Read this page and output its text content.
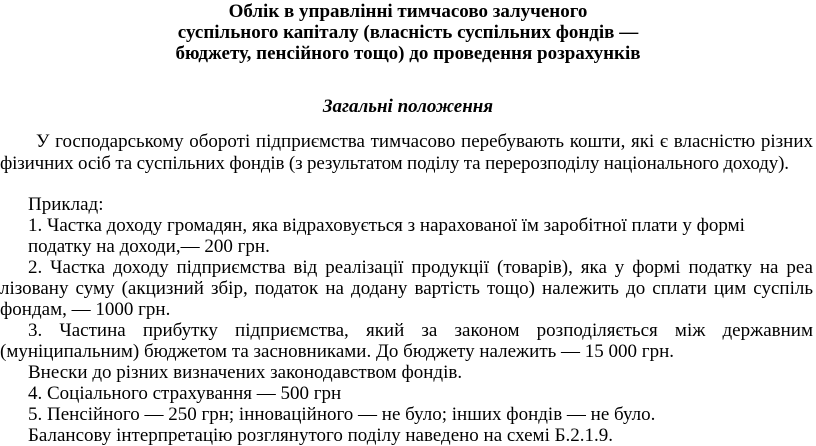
Облік в управлінні тимчасово залученого
суспільного капіталу (власність суспільних фондів —
бюджету, пенсійного тощо) до проведення розрахунків
Загальні положення
У господарському обороті підприємства тимчасово перебувають кошти, які є власністю різних
фізичних осіб та суспільних фондів (з результатом поділу та перерозподілу національного доходу).
Приклад:
1. Частка доходу громадян, яка відраховується з нарахованої їм заробітної плати у формі
податку на доходи,— 200 грн.
2. Частка доходу підприємства від реалізації продукції (товарів), яка у формі податку на реа
лізовану суму (акцизний збір, податок на додану вартість тощо) належить до сплати цим суспіль
фондам, — 1000 грн.
3. Частина прибутку підприємства, який за законом розподіляється між державним
(муніципальним) бюджетом та засновниками. До бюджету належить — 15 000 грн.
Внески до різних визначених законодавством фондів.
4. Соціального страхування — 500 грн
5. Пенсійного — 250 грн; інноваційного — не було; інших фондів — не було.
Балансову інтерпретацію розглянутого поділу наведено на схемі Б.2.1.9.
